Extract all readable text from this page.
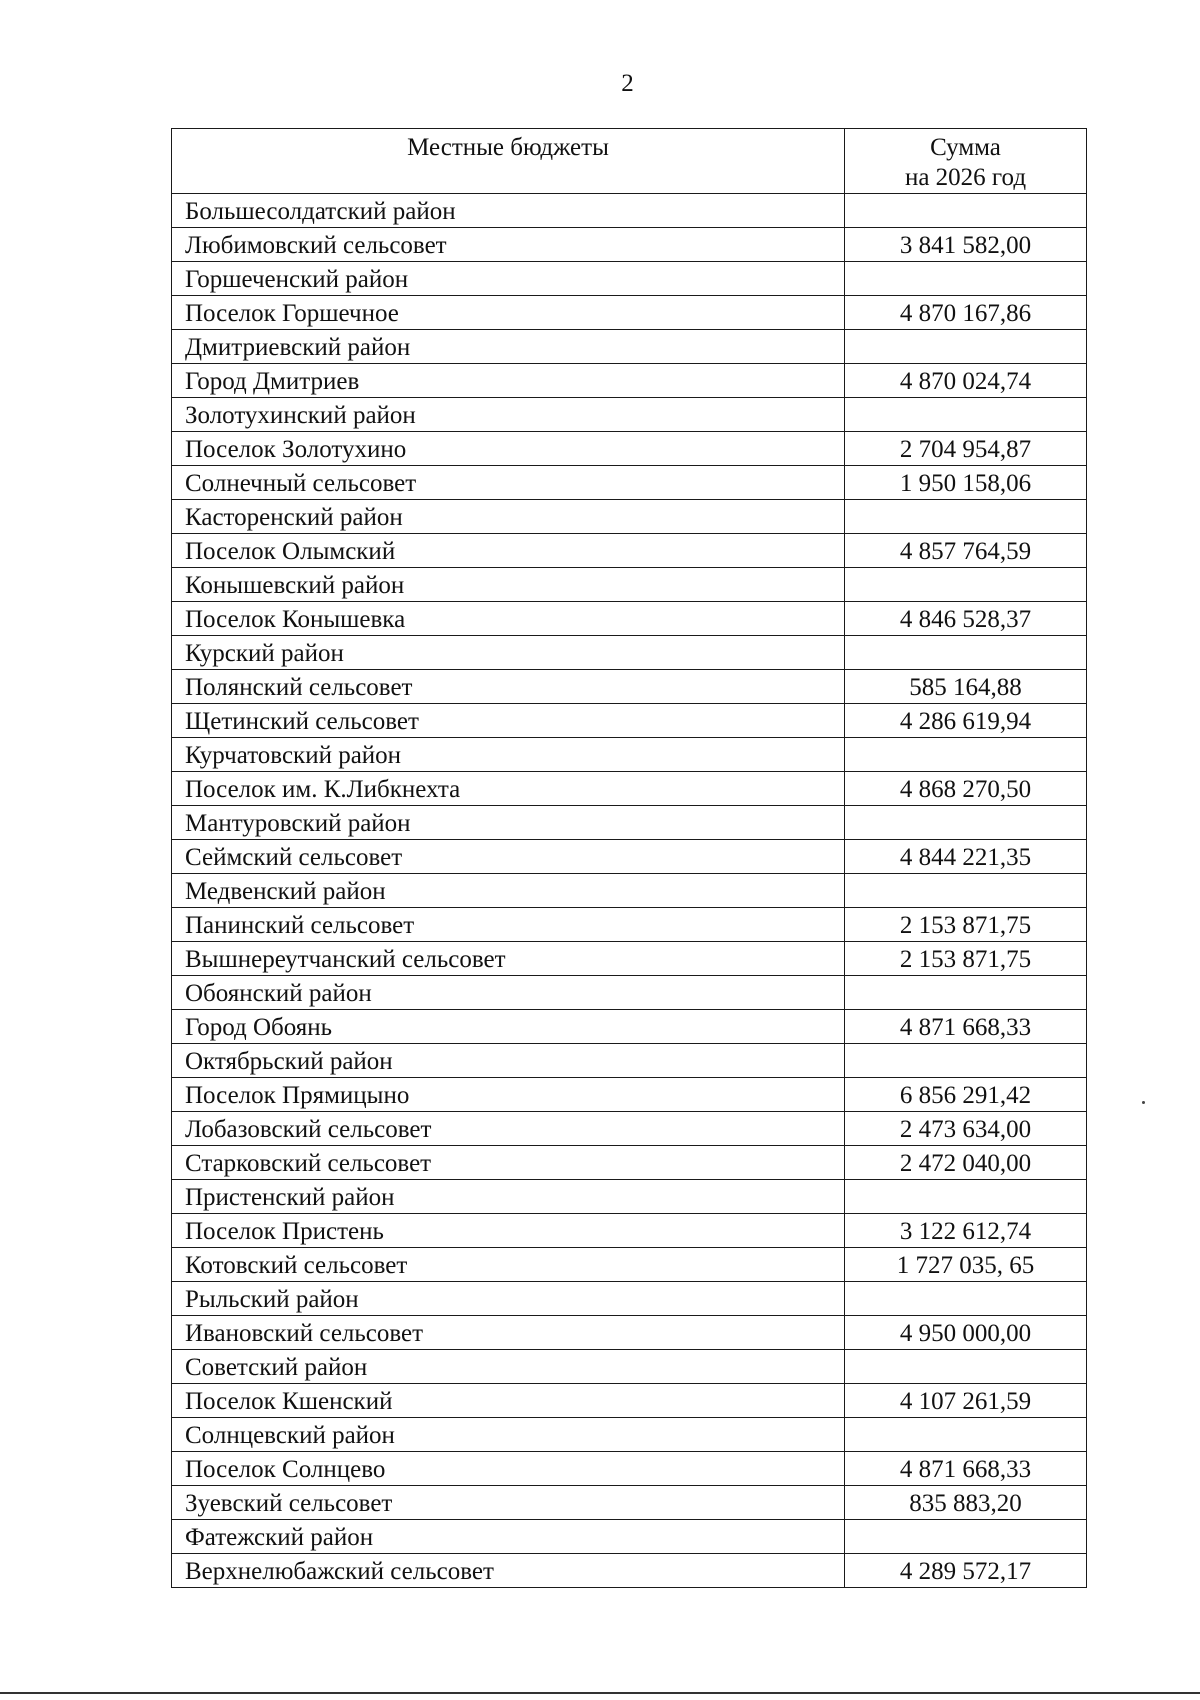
2
Местные бюджеты	Сумма
на 2026 год

Большесолдатский район	
Любимовский сельсовет	3 841 582,00
Горшеченский район	
Поселок Горшечное	4 870 167,86
Дмитриевский район	
Город Дмитриев	4 870 024,74
Золотухинский район	
Поселок Золотухино	2 704 954,87
Солнечный сельсовет	1 950 158,06
Касторенский район	
Поселок Олымский	4 857 764,59
Конышевский район	
Поселок Конышевка	4 846 528,37
Курский район	
Полянский сельсовет	585 164,88
Щетинский сельсовет	4 286 619,94
Курчатовский район	
Поселок им. К.Либкнехта	4 868 270,50
Мантуровский район	
Сеймский сельсовет	4 844 221,35
Медвенский район	
Панинский сельсовет	2 153 871,75
Вышнереутчанский сельсовет	2 153 871,75
Обоянский район	
Город Обоянь	4 871 668,33
Октябрьский район	
Поселок Прямицыно	6 856 291,42
Лобазовский сельсовет	2 473 634,00
Старковский сельсовет	2 472 040,00
Пристенский район	
Поселок Пристень	3 122 612,74
Котовский сельсовет	1 727 035, 65
Рыльский район	
Ивановский сельсовет	4 950 000,00
Советский район	
Поселок Кшенский	4 107 261,59
Солнцевский район	
Поселок Солнцево	4 871 668,33
Зуевский сельсовет	835 883,20
Фатежский район	
Верхнелюбажский сельсовет	4 289 572,17
